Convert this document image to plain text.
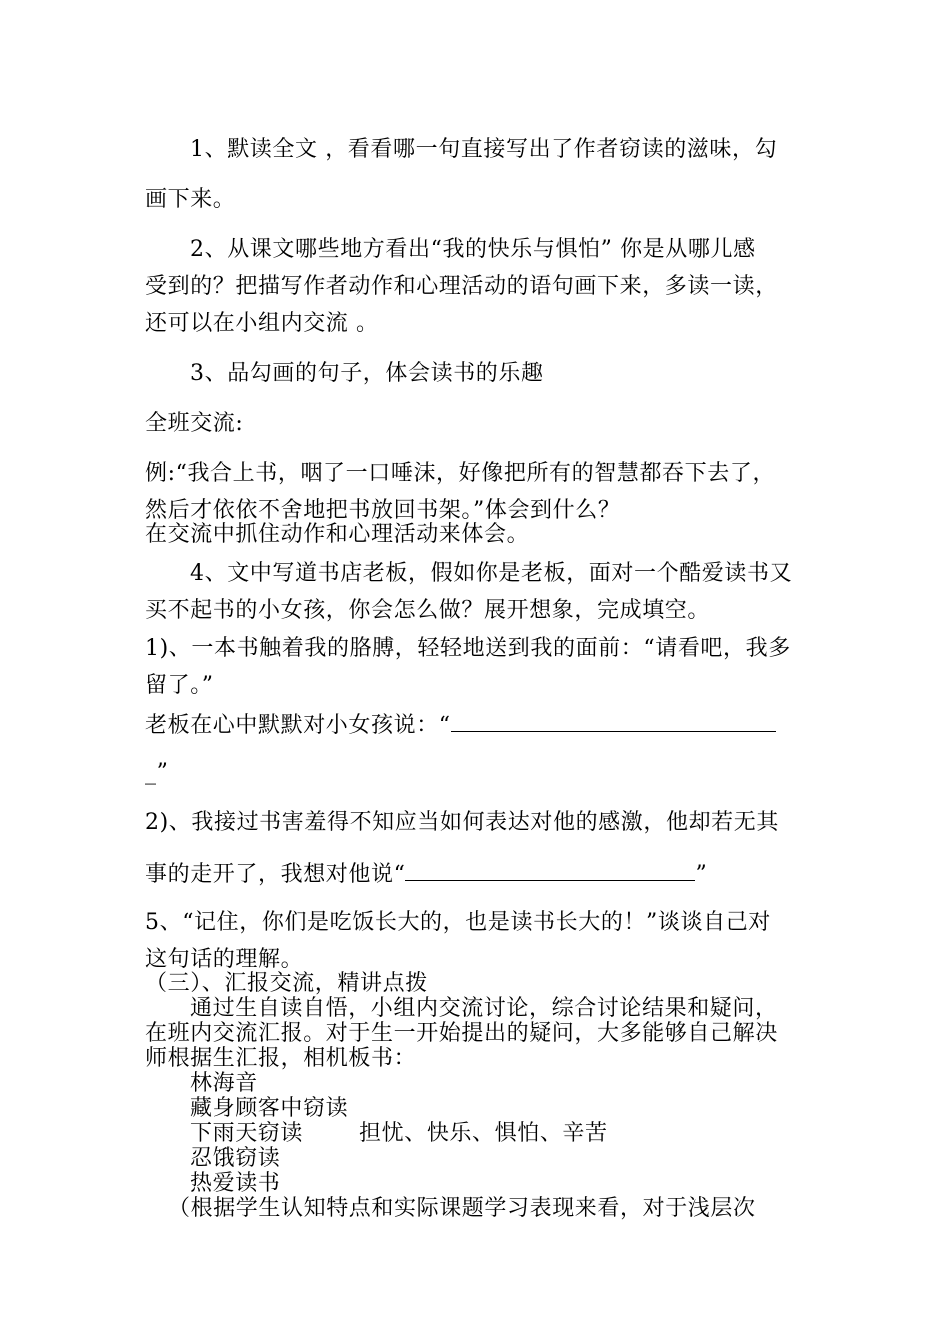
1、默读全文 ，看看哪一句直接写出了作者窃读的滋味，勾
画下来。
2、从课文哪些地方看出“我的快乐与惧怕” 你是从哪儿感
受到的？把描写作者动作和心理活动的语句画下来，多读一读，
还可以在小组内交流 。
3、品勾画的句子，体会读书的乐趣
全班交流:
例:“我合上书，咽了一口唾沫，好像把所有的智慧都吞下去了，
然后才依依不舍地把书放回书架。”体会到什么？
在交流中抓住动作和心理活动来体会。
4、文中写道书店老板，假如你是老板，面对一个酷爱读书又
买不起书的小女孩，你会怎么做？展开想象，完成填空。
1)、一本书触着我的胳膊，轻轻地送到我的面前：“请看吧，我多
留了。”
老板在心中默默对小女孩说：“
_”
2)、我接过书害羞得不知应当如何表达对他的感激，他却若无其
事的走开了，我想对他说“	”
5、“记住，你们是吃饭长大的，也是读书长大的！”谈谈自己对
这句话的理解。
（三）、汇报交流，精讲点拨
通过生自读自悟，小组内交流讨论，综合讨论结果和疑问，
在班内交流汇报。对于生一开始提出的疑问，大多能够自己解决
师根据生汇报，相机板书：
林海音
藏身顾客中窃读
下雨天窃读	担忧、快乐、惧怕、辛苦
忍饿窃读
热爱读书
（根据学生认知特点和实际课题学习表现来看，对于浅层次
